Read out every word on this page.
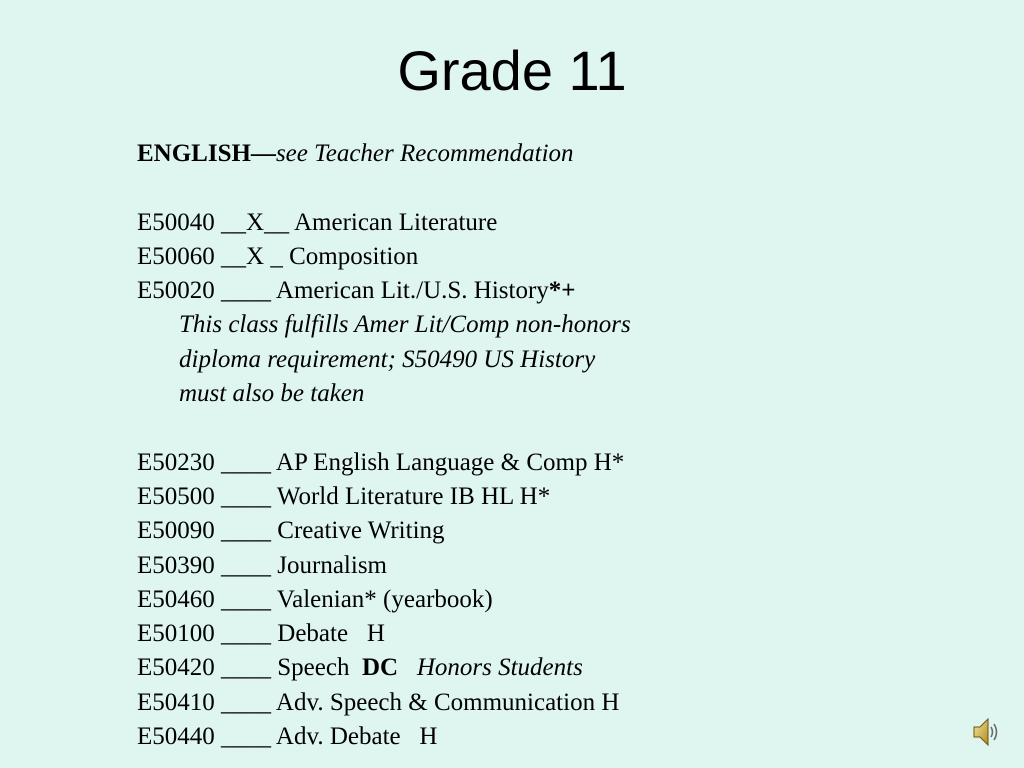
Grade 11
ENGLISH—see Teacher Recommendation
E50040 __X__ American Literature
E50060 __X _ Composition
E50020 ____ American Lit./U.S. History*+
This class fulfills Amer Lit/Comp non-honors
diploma requirement; S50490 US History
must also be taken
E50230 ____ AP English Language & Comp H*
E50500 ____ World Literature IB HL H*
E50090 ____ Creative Writing
E50390 ____ Journalism
E50460 ____ Valenian* (yearbook)
E50100 ____ Debate   H
E50420 ____ Speech  DC   Honors Students
E50410 ____ Adv. Speech & Communication H
E50440 ____ Adv. Debate   H
